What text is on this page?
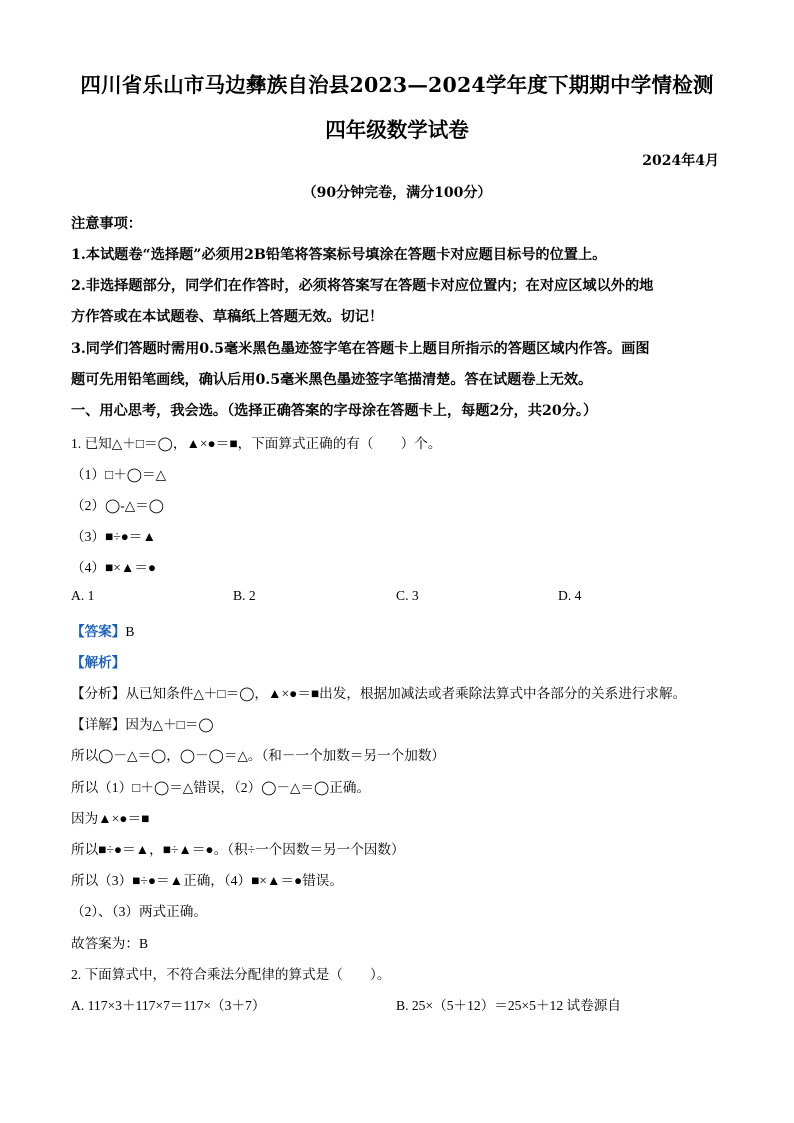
四川省乐山市马边彝族自治县2023—2024学年度下期期中学情检测
四年级数学试卷
2024年4月
（90分钟完卷，满分100分）
注意事项：
1.本试题卷“选择题”必须用2B铅笔将答案标号填涂在答题卡对应题目标号的位置上。
2.非选择题部分，同学们在作答时，必须将答案写在答题卡对应位置内；在对应区域以外的地
方作答或在本试题卷、草稿纸上答题无效。切记！
3.同学们答题时需用0.5毫米黑色墨迹签字笔在答题卡上题目所指示的答题区域内作答。画图
题可先用铅笔画线，确认后用0.5毫米黑色墨迹签字笔描清楚。答在试题卷上无效。
一、用心思考，我会选。（选择正确答案的字母涂在答题卡上，每题2分，共20分。）
1. 已知△＋□＝◯，▲×●＝■，下面算式正确的有（　　）个。
（1）□＋◯＝△
（2）◯-△＝◯
（3）■÷●＝▲
（4）■×▲＝●
A. 1	B. 2	C. 3	D. 4
【答案】B
【解析】
【分析】从已知条件△＋□＝◯，▲×●＝■出发，根据加减法或者乘除法算式中各部分的关系进行求解。
【详解】因为△＋□＝◯
所以◯－△＝◯，◯－◯＝△。（和－一个加数＝另一个加数）
所以（1）□＋◯＝△错误，（2）◯－△＝◯正确。
因为▲×●＝■
所以■÷●＝▲，■÷▲＝●。（积÷一个因数＝另一个因数）
所以（3）■÷●＝▲正确，（4）■×▲＝●错误。
（2）、（3）两式正确。
故答案为：B
2. 下面算式中，不符合乘法分配律的算式是（　　）。
A. 117×3＋117×7＝117×（3＋7）	B. 25×（5＋12）＝25×5＋12 试卷源自
